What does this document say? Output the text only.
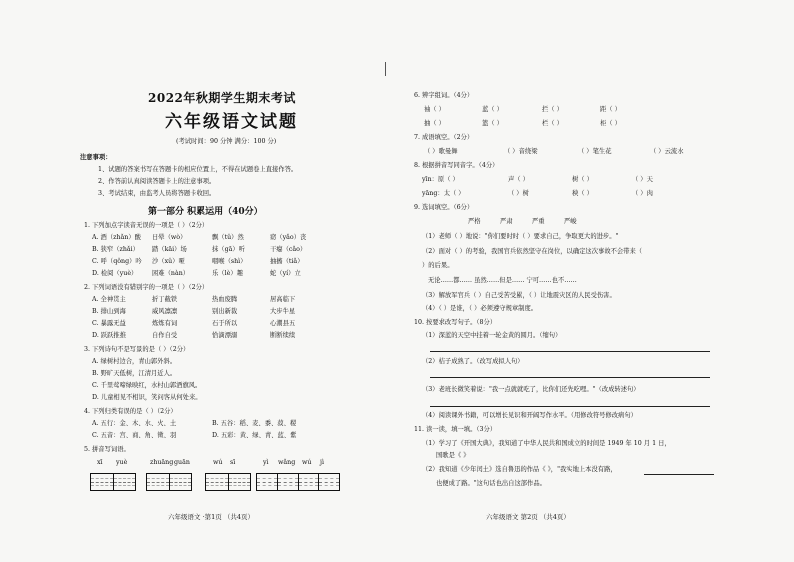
2022年秋期学生期末考试
六年级语文试题
(考试时间：90 分钟 满分：100 分)
注意事项：
1、试题的答案书写在答题卡的相应位置上，不得在试题卷上直接作答。
2、作答前认真阅读答题卡上的注意事项。
3、考试结束，由监考人员将答题卡收回。
第一部分 积累运用（40分）
1. 下列加点字读音无误的一项是（ ）（2分）
A. 酒（zhǎn）酸 日晕（wò）	飘（tǔ）然	窈（yǎo）丧
B. 狭窄（zhǎi） 踏（kāi）场	抹（gā）听	干瘪（cǎo）
C. 呼（qǒng）吟 沙（xǔ）哑	咽喉（shì）	抽搐（tiǎ）
D. 检阅（yuè） 困难（nàn）	乐（lè）趣	蛇（yí）立
2. 下列词语没有错别字的一项是（ ）（2分）
A. 全神贯主	折丁截铁	热血废腾	居高临下
B. 排山到海	威风凛凛	别出新裁	大步牛星
C. 暴露无益	炼炼有词	石于所以	心潮县五
D. 跃跃推推	自作自受	恰滴漂溺	断断续续
3. 下列诗句不是写景的是（ ）（2分）
A. 绿树村边合，青山郭外斜。
B. 野旷天低树，江清月近人。
C. 千里莺啼绿映红，水村山郭酒旗风。
D. 儿童相见不相识，笑问客从何处来。
4. 下列归类有误的是（ ）（2分）
A. 五行：金、木、水、火、土	B. 五谷：稻、麦、黍、菽、稷
C. 五音：宫、商、角、徵、羽	D. 五彩：黄、绿、青、蓝、紫
5. 拼音写词语。
xī yuè	zhuāng guān	wú sī	yì wǎng wú jì
六年级语文 ·第1页 （共4页）
6. 辨字组词。（4分）
袖（ ）	蓝（ ）	拦（ ）	距（ ）
抽（ ）	篮（ ）	栏（ ）	柜（ ）
7. 成语填空。（2分）
（ ）歌曼舞	（ ）音绕梁	（ ）笔生花	（ ）云流水
8. 根据拼音写同音字。（4分）
yīn：原（ ）	声（ ）	树（ ）	（ ）天
yāng：太（ ）	（ ）树	秧（ ）	（ ）肉
9. 选词填空。（6分）
严格	严肃	严重	严峻
（1）老师（ ）地说："你们要时时（ ）要求自己，争取更大的进步。"
（2）面对（ ）的考验，我国官兵依然坚守在岗位，以确定这次事故不会带来（
）的后果。
无论……都…… 虽然……但是…… 宁可……也不……
（3）解放军官兵（ ）自己受苦受累，（ ）让地震灾区的人民受伤害。
（4）（ ）是谁，（ ）必须遵守规章制度。
10. 按要求改写句子。（8分）
（1）深蓝的天空中挂着一轮金黄的圆月。（缩句）
（2）桔子成熟了。（改写成拟人句）
（3）老班长微笑着说："我一点就就吃了，比你们还先吃哩。"（改成转述句）
（4）阅读课外书籍，可以增长见识和开阔写作水平。（用修改符号修改病句）
11. 读一读，填一填。（3分）
（1）学习了《开国大典》，我知道了中华人民共和国成立的时间是 1949 年 10 月 1 日，
国歌是《 》
（2）我知道《少年闰土》选自鲁迅的作品《 》，"我实地上本没有路，
也便成了路。"这句话也出自这部作品。
六年级语文 第2页 （共4页）
